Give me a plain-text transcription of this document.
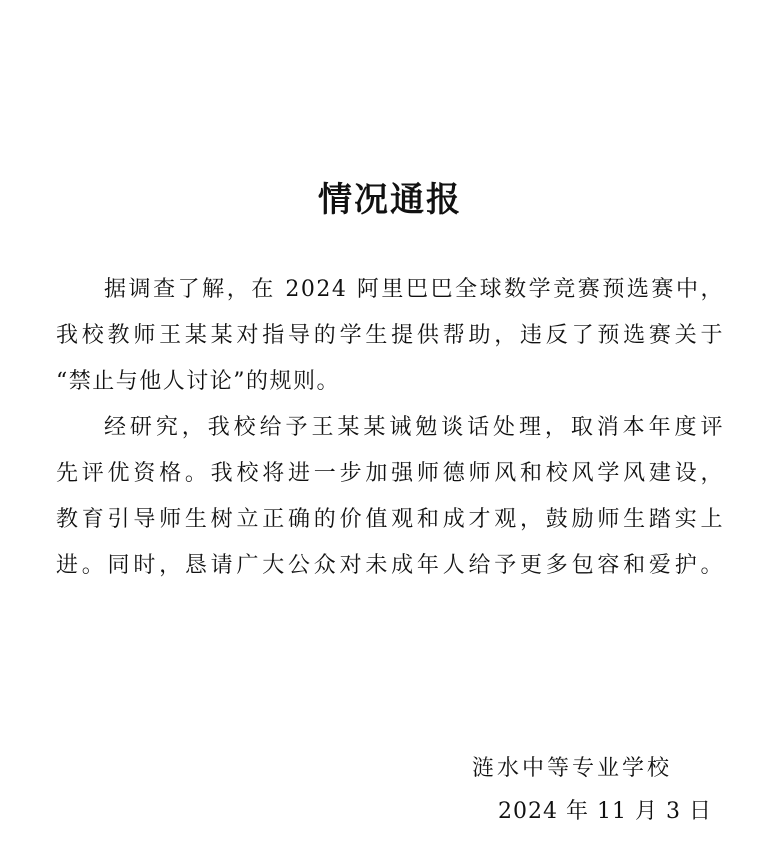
情况通报
据调查了解，在 2024 阿里巴巴全球数学竞赛预选赛中，
我校教师王某某对指导的学生提供帮助，违反了预选赛关于
“禁止与他人讨论”的规则。
经研究，我校给予王某某诫勉谈话处理，取消本年度评
先评优资格。我校将进一步加强师德师风和校风学风建设，
教育引导师生树立正确的价值观和成才观，鼓励师生踏实上
进。同时，恳请广大公众对未成年人给予更多包容和爱护。
涟水中等专业学校
2024 年 11 月 3 日
